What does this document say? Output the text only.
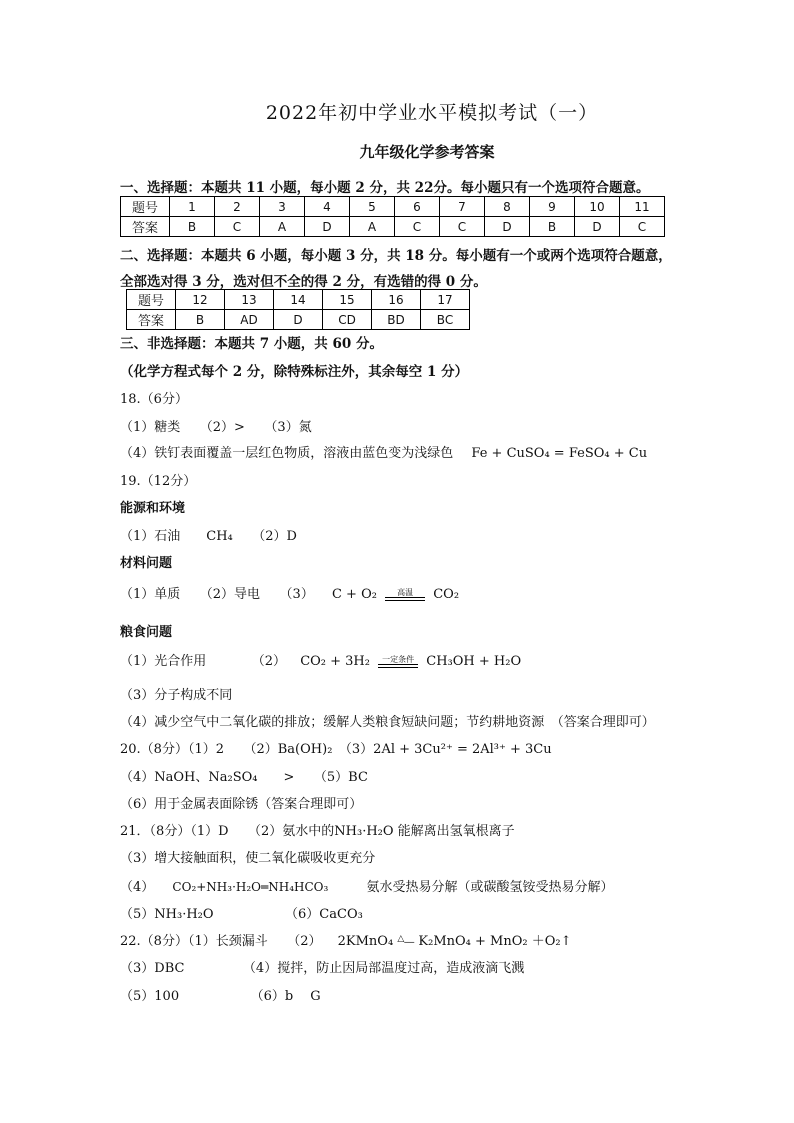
2022年初中学业水平模拟考试（一）
九年级化学参考答案
一、选择题：本题共 11 小题，每小题 2 分，共 22分。每小题只有一个选项符合题意。
题号	1	2	3	4	5	6	7	8	9	10	11
答案	B	C	A	D	A	C	C	D	B	D	C
二、选择题：本题共 6 小题，每小题 3 分，共 18 分。每小题有一个或两个选项符合题意，
全部选对得 3 分，选对但不全的得 2 分，有选错的得 0 分。
题号	12	13	14	15	16	17
答案	B	AD	D	CD	BD	BC
三、非选择题：本题共 7 小题，共 60 分。
（化学方程式每个 2 分，除特殊标注外，其余每空 1 分）
18.（6分）
（1）糖类　　（2）>　　（3）氮
（4）铁钉表面覆盖一层红色物质，溶液由蓝色变为浅绿色 Fe + CuSO₄ = FeSO₄ + Cu
19.（12分）
能源和环境
（1）石油　　CH₄　　（2）D
材料问题
（1）单质　　（2）导电　　（3） C + O₂	高温	CO₂
粮食问题
（1）光合作用　　　　（2） CO₂ + 3H₂	一定条件 CH₃OH + H₂O
（3）分子构成不同
（4）减少空气中二氧化碳的排放；缓解人类粮食短缺问题；节约耕地资源　（答案合理即可）
20.（8分）（1）2　　（2）Ba(OH)₂　（3）2Al + 3Cu²⁺ = 2Al³⁺ + 3Cu
（4）NaOH、Na₂SO₄　　>　　（5）BC
（6）用于金属表面除锈（答案合理即可）
21．（8分）（1）D　　（2）氨水中的NH₃·H₂O 能解离出氢氧根离子
（3）增大接触面积，使二氧化碳吸收更充分
（4） CO₂+NH₃·H₂O═NH₄HCO₃	氨水受热易分解（或碳酸氢铵受热易分解）
（5）NH₃·H₂O　　　　　　（6）CaCO₃
22.（8分）（1）长颈漏斗　　（2） 2KMnO₄ △― K₂MnO₄ + MnO₂ ＋O₂↑
（3）DBC　　　　　（4）搅拌，防止因局部温度过高，造成液滴飞溅
（5）100　　　　　　（6）b　 G
